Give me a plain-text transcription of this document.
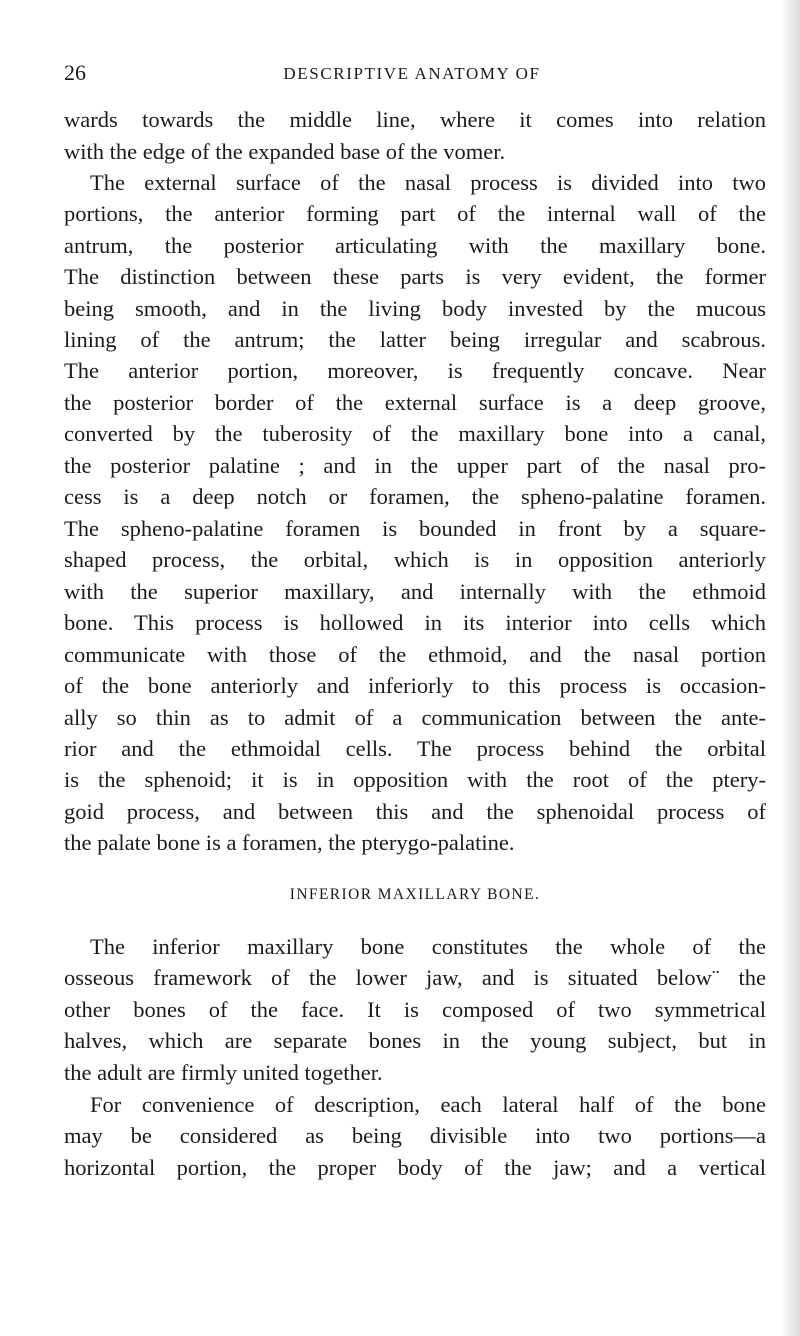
26	DESCRIPTIVE ANATOMY OF
wards towards the middle line, where it comes into relation
with the edge of the expanded base of the vomer.
The external surface of the nasal process is divided into two
portions, the anterior forming part of the internal wall of the
antrum, the posterior articulating with the maxillary bone.
The distinction between these parts is very evident, the former
being smooth, and in the living body invested by the mucous
lining of the antrum; the latter being irregular and scabrous.
The anterior portion, moreover, is frequently concave. Near
the posterior border of the external surface is a deep groove,
converted by the tuberosity of the maxillary bone into a canal,
the posterior palatine ; and in the upper part of the nasal pro-
cess is a deep notch or foramen, the spheno-palatine foramen.
The spheno-palatine foramen is bounded in front by a square-
shaped process, the orbital, which is in opposition anteriorly
with the superior maxillary, and internally with the ethmoid
bone. This process is hollowed in its interior into cells which
communicate with those of the ethmoid, and the nasal portion
of the bone anteriorly and inferiorly to this process is occasion-
ally so thin as to admit of a communication between the ante-
rior and the ethmoidal cells. The process behind the orbital
is the sphenoid; it is in opposition with the root of the ptery-
goid process, and between this and the sphenoidal process of
the palate bone is a foramen, the pterygo-palatine.
INFERIOR MAXILLARY BONE.
The inferior maxillary bone constitutes the whole of the
osseous framework of the lower jaw, and is situated below¨ the
other bones of the face. It is composed of two symmetrical
halves, which are separate bones in the young subject, but in
the adult are firmly united together.
For convenience of description, each lateral half of the bone
may be considered as being divisible into two portions—a
horizontal portion, the proper body of the jaw; and a vertical
